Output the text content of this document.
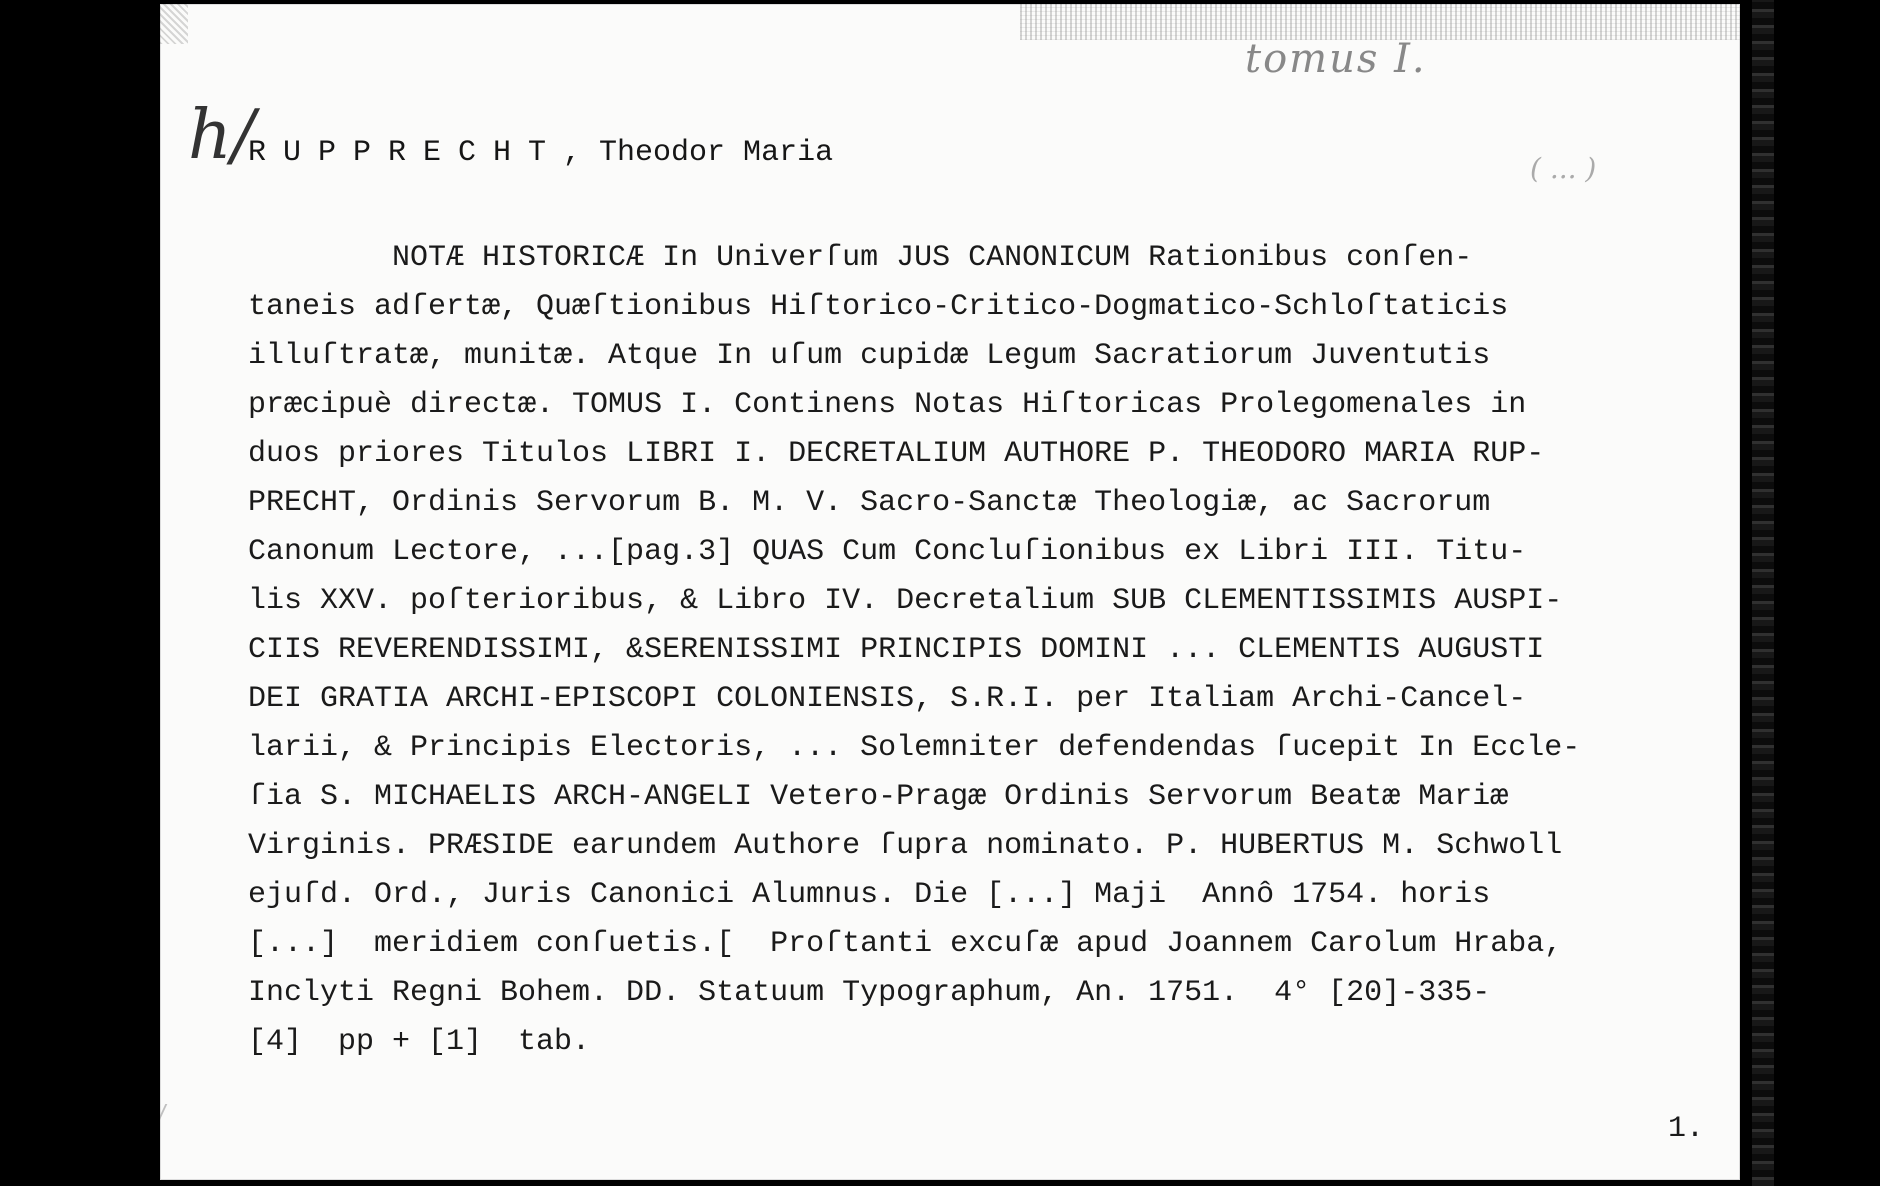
tomus I.
h/	( ... )
RUPPRECHT, Theodor Maria
NOTÆ HISTORICÆ In Univerſum JUS CANONICUM Rationibus conſen-
taneis adſertæ, Quæſtionibus Hiſtorico-Critico-Dogmatico-Schloſtaticis
illuſtratæ, munitæ. Atque In uſum cupidæ Legum Sacratiorum Juventutis
præcipuè directæ. TOMUS I. Continens Notas Hiſtoricas Prolegomenales in
duos priores Titulos LIBRI I. DECRETALIUM AUTHORE P. THEODORO MARIA RUP-
PRECHT, Ordinis Servorum B. M. V. Sacro-Sanctæ Theologiæ, ac Sacrorum
Canonum Lectore, ...[pag.3] QUAS Cum Concluſionibus ex Libri III. Titu-
lis XXV. poſterioribus, & Libro IV. Decretalium SUB CLEMENTISSIMIS AUSPI-
CIIS REVERENDISSIMI, &SERENISSIMI PRINCIPIS DOMINI ... CLEMENTIS AUGUSTI
DEI GRATIA ARCHI-EPISCOPI COLONIENSIS, S.R.I. per Italiam Archi-Cancel-
larii, & Principis Electoris, ... Solemniter defendendas ſucepit In Eccle-
ſia S. MICHAELIS ARCH-ANGELI Vetero-Pragæ Ordinis Servorum Beatæ Mariæ
Virginis. PRÆSIDE earundem Authore ſupra nominato. P. HUBERTUS M. Schwoll
ejuſd. Ord., Juris Canonici Alumnus. Die [...] Maji  Annô 1754. horis
[...]  meridiem conſuetis.[  Proſtanti excuſæ apud Joannem Carolum Hraba,
Inclyti Regni Bohem. DD. Statuum Typographum, An. 1751.  4° [20]-335-
[4]  pp + [1]  tab.
1.
